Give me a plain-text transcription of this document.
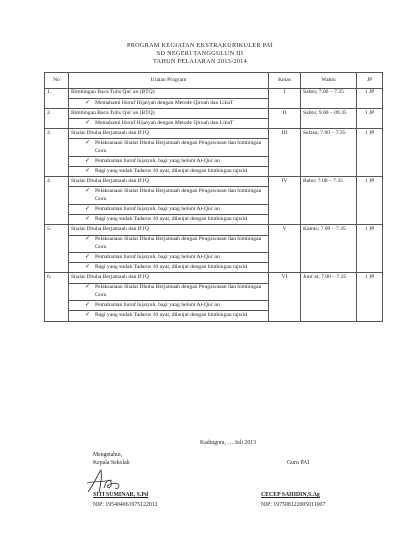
PROGRAM KEGIATAN EKSTRAKURIKULER PAI
SD NEGERI TANGGULUN III
TAHUN PELAJARAN 2013-2014
No	Uraian Program	Kelas	Waktu	JP
1.	Bimbingan Baca Tulis Qur`an (BTQ)	I	Sabtu; 7.00 – 7.35	1 JP

	✓ Memahami Huruf Hijaiyah dengan Metode Qiroah dan LibaT			

2.	Bimbingan Baca Tulis Qur`an (BTQ)	II	Sabtu; 9.00 – 09.35	1 JP

	✓ Memahami Huruf Hijaiyah dengan Metode Qiroah dan LibaT			

3.	Shalat Dhuha Berjamaah dan BTQ	III	Selasa; 7.00 – 7.35	1 JP

	✓ Pelaksanaan Shalat Dhuha Berjamaah dengan Pengawasan dan bimbingan Guru			

	✓ Pemahaman huruf hijaiyah, bagi yang belum Al-Qur`an			

	✓ Bagi yang sudah Tadarus 10 ayat, dilanjut dengan bimbingan tajwid			

4.	Shalat Dhuha Berjamaah dan BTQ	IV	Rabu; 7.00 – 7.35	1 JP

	✓ Pelaksanaan Shalat Dhuha Berjamaah dengan Pengawasan dan bimbingan Guru			

	✓ Pemahaman huruf hijaiyah, bagi yang belum Al-Qur`an			

	✓ Bagi yang sudah Tadarus 10 ayat, dilanjut dengan bimbingan tajwid			

5.	Shalat Dhuha Berjamaah dan BTQ	V	Kamis; 7.00 – 7.35	1 JP

	✓ Pelaksanaan Shalat Dhuha Berjamaah dengan Pengawasan dan bimbingan Guru			

	✓ Pemahaman huruf hijaiyah, bagi yang belum Al-Qur`an			

	✓ Bagi yang sudah Tadarus 10 ayat, dilanjut dengan bimbingan tajwid			

6.	Shalat Dhuha Berjamaah dan BTQ	VI	Jum`at; 7.00 – 7.35	1 JP

	✓ Pelaksanaan Shalat Dhuha Berjamaah dengan Pengawasan dan bimbingan Guru			

	✓ Pemahaman huruf hijaiyah, bagi yang belum Al-Qur`an			

	✓ Bagi yang sudah Tadarus 10 ayat, dilanjut dengan bimbingan tajwid			
Kadingora, … Juli 2013
Mengetahui,
Kepala Sekolah	Guru PAI
SITI SUMINAR, S.Pd
NIP: 195404061975122012
CECEP SAHIDIN,S.Ag
NIP: 197508122005011007
